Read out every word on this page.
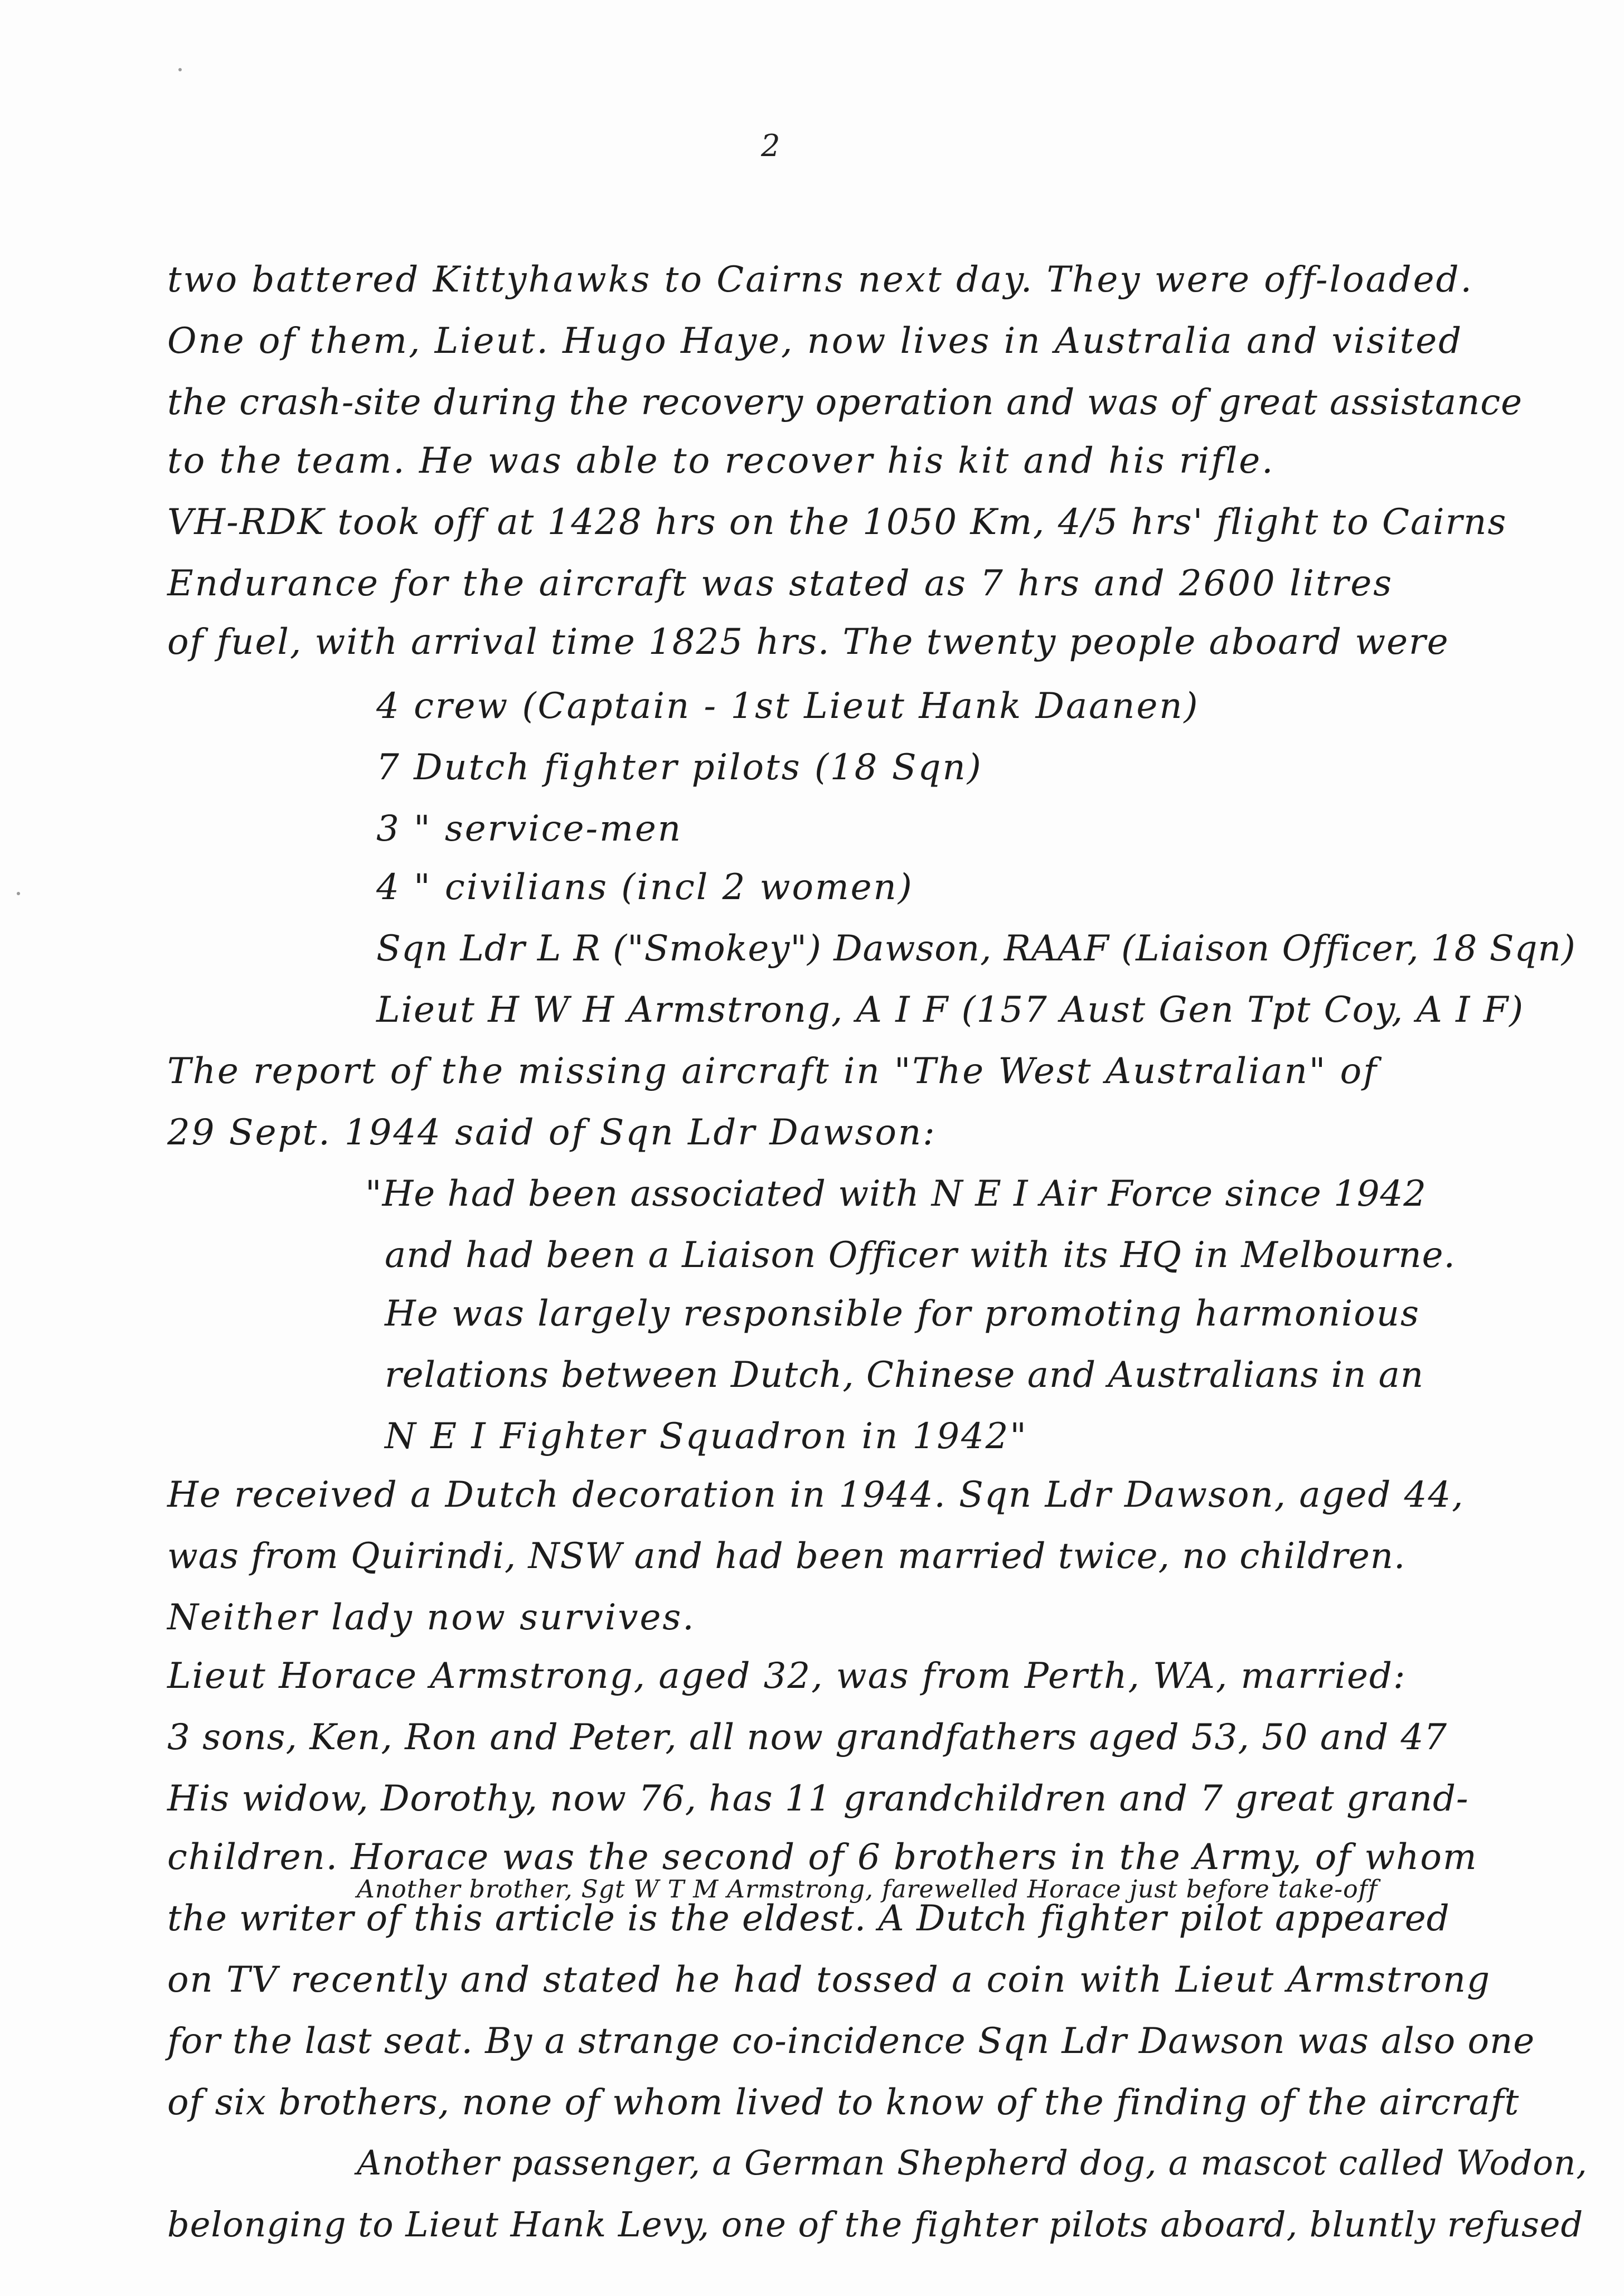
2
two battered Kittyhawks to Cairns next day. They were off-loaded.
One of them, Lieut. Hugo Haye, now lives in Australia and visited
the crash-site during the recovery operation and was of great assistance
to the team. He was able to recover his kit and his rifle.
VH-RDK took off at 1428 hrs on the 1050 Km, 4/5 hrs' flight to Cairns
Endurance for the aircraft was stated as 7 hrs and 2600 litres
of fuel, with arrival time 1825 hrs. The twenty people aboard were
4 crew (Captain - 1st Lieut Hank Daanen)
7 Dutch fighter pilots (18 Sqn)
3 " service-men
4 " civilians (incl 2 women)
Sqn Ldr L R ("Smokey") Dawson, RAAF (Liaison Officer, 18 Sqn)
Lieut H W H Armstrong, A I F (157 Aust Gen Tpt Coy, A I F)
The report of the missing aircraft in "The West Australian" of
29 Sept. 1944 said of Sqn Ldr Dawson:
"He had been associated with N E I Air Force since 1942
and had been a Liaison Officer with its HQ in Melbourne.
He was largely responsible for promoting harmonious
relations between Dutch, Chinese and Australians in an
N E I Fighter Squadron in 1942"
He received a Dutch decoration in 1944. Sqn Ldr Dawson, aged 44,
was from Quirindi, NSW and had been married twice, no children.
Neither lady now survives.
Lieut Horace Armstrong, aged 32, was from Perth, WA, married:
3 sons, Ken, Ron and Peter, all now grandfathers aged 53, 50 and 47
His widow, Dorothy, now 76, has 11 grandchildren and 7 great grand-
children. Horace was the second of 6 brothers in the Army, of whom
Another brother, Sgt W T M Armstrong, farewelled Horace just before take-off
the writer of this article is the eldest. A Dutch fighter pilot appeared
on TV recently and stated he had tossed a coin with Lieut Armstrong
for the last seat. By a strange co-incidence Sqn Ldr Dawson was also one
of six brothers, none of whom lived to know of the finding of the aircraft
Another passenger, a German Shepherd dog, a mascot called Wodon,
belonging to Lieut Hank Levy, one of the fighter pilots aboard, bluntly refused
